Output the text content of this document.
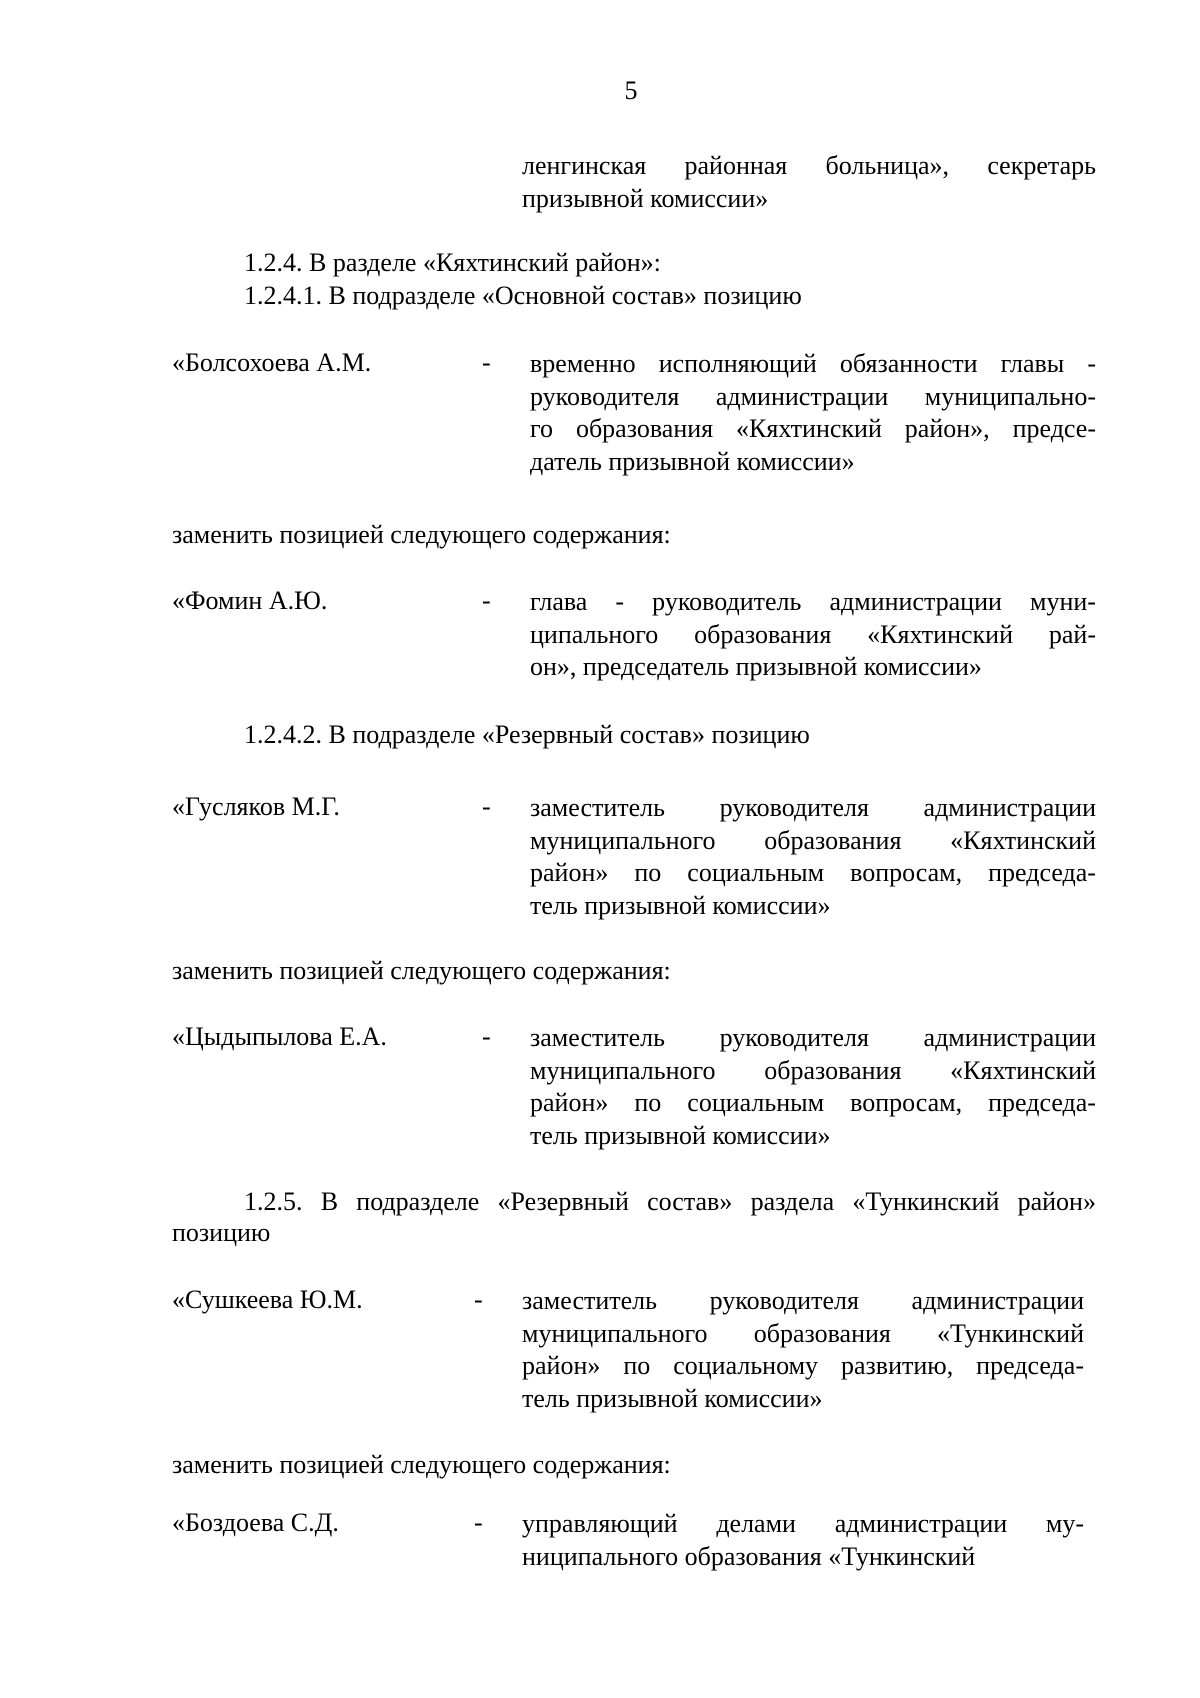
5
ленгинская районная больница», секретарь
призывной комиссии»
1.2.4. В разделе «Кяхтинский район»:
1.2.4.1. В подразделе «Основной состав» позицию
«Болсохоева А.М.	- временно исполняющий обязанности главы -
руководителя администрации муниципально-
го образования «Кяхтинский район», предсе-
датель призывной комиссии»
заменить позицией следующего содержания:
«Фомин А.Ю.	- глава - руководитель администрации муни-
ципального образования «Кяхтинский рай-
он», председатель призывной комиссии»
1.2.4.2. В подразделе «Резервный состав» позицию
«Гусляков М.Г.	- заместитель руководителя администрации
муниципального образования «Кяхтинский
район» по социальным вопросам, председа-
тель призывной комиссии»
заменить позицией следующего содержания:
«Цыдыпылова Е.А.	- заместитель руководителя администрации
муниципального образования «Кяхтинский
район» по социальным вопросам, председа-
тель призывной комиссии»
1.2.5. В подразделе «Резервный состав» раздела «Тункинский район»
позицию
«Сушкеева Ю.М.	- заместитель руководителя администрации
муниципального образования «Тункинский
район» по социальному развитию, председа-
тель призывной комиссии»
заменить позицией следующего содержания:
«Боздоева С.Д.	- управляющий делами администрации му-
ниципального образования «Тункинский
